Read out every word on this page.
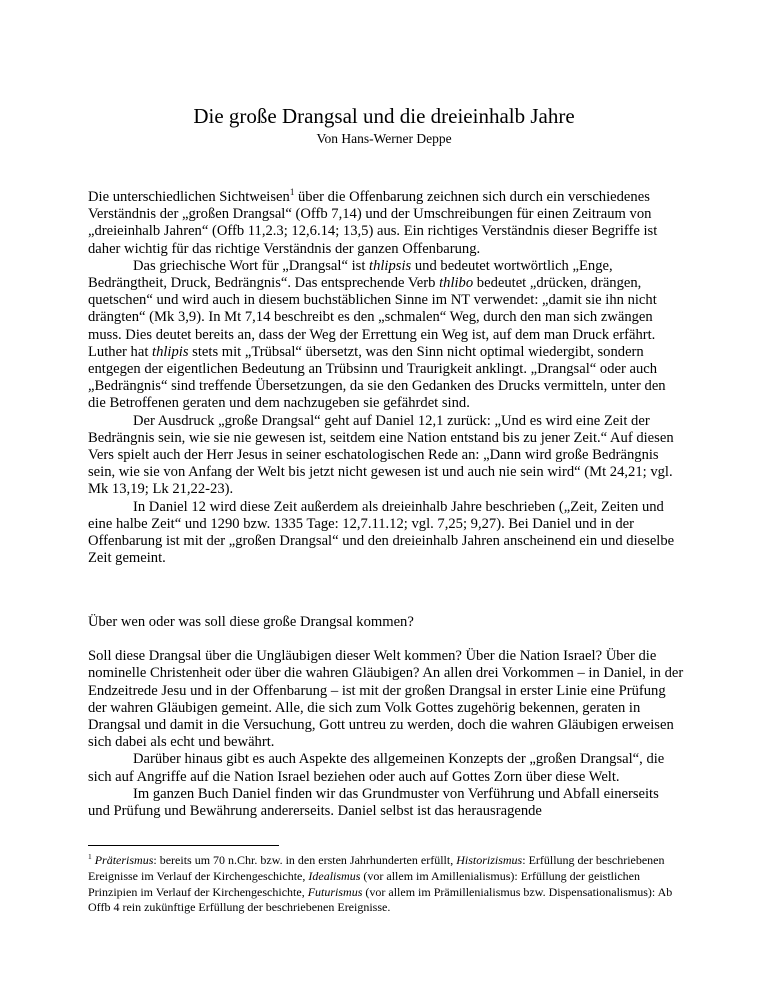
Die große Drangsal und die dreieinhalb Jahre
Von Hans-Werner Deppe

Die unterschiedlichen Sichtweisen$^1$ über die Offenbarung zeichnen sich durch ein verschiedenes Verständnis der „großen Drangsal“ (Offb 7,14) und der Umschreibungen für einen Zeitraum von „dreieinhalb Jahren“ (Offb 11,2.3; 12,6.14; 13,5) aus. Ein richtiges Verständnis dieser Begriffe ist daher wichtig für das richtige Verständnis der ganzen Offenbarung.

Das griechische Wort für „Drangsal“ ist thlipsis und bedeutet wortwörtlich „Enge, Bedrängtheit, Druck, Bedrängnis“. Das entsprechende Verb thlibo bedeutet „drücken, drängen, quetschen“ und wird auch in diesem buchstäblichen Sinne im NT verwendet: „damit sie ihn nicht drängten“ (Mk 3,9). In Mt 7,14 beschreibt es den „schmalen“ Weg, durch den man sich zwängen muss. Dies deutet bereits an, dass der Weg der Errettung ein Weg ist, auf dem man Druck erfährt. Luther hat thlipis stets mit „Trübsal“ übersetzt, was den Sinn nicht optimal wiedergibt, sondern entgegen der eigentlichen Bedeutung an Trübsinn und Traurigkeit anklingt. „Drangsal“ oder auch „Bedrängnis“ sind treffende Übersetzungen, da sie den Gedanken des Drucks vermitteln, unter den die Betroffenen geraten und dem nachzugeben sie gefährdet sind.

Der Ausdruck „große Drangsal“ geht auf Daniel 12,1 zurück: „Und es wird eine Zeit der Bedrängnis sein, wie sie nie gewesen ist, seitdem eine Nation entstand bis zu jener Zeit.“ Auf diesen Vers spielt auch der Herr Jesus in seiner eschatologischen Rede an: „Dann wird große Bedrängnis sein, wie sie von Anfang der Welt bis jetzt nicht gewesen ist und auch nie sein wird“ (Mt 24,21; vgl. Mk 13,19; Lk 21,22-23).

In Daniel 12 wird diese Zeit außerdem als dreieinhalb Jahre beschrieben („Zeit, Zeiten und eine halbe Zeit“ und 1290 bzw. 1335 Tage: 12,7.11.12; vgl. 7,25; 9,27). Bei Daniel und in der Offenbarung ist mit der „großen Drangsal“ und den dreieinhalb Jahren anscheinend ein und dieselbe Zeit gemeint.

Über wen oder was soll diese große Drangsal kommen?

Soll diese Drangsal über die Ungläubigen dieser Welt kommen? Über die Nation Israel? Über die nominelle Christenheit oder über die wahren Gläubigen? An allen drei Vorkommen – in Daniel, in der Endzeitrede Jesu und in der Offenbarung – ist mit der großen Drangsal in erster Linie eine Prüfung der wahren Gläubigen gemeint. Alle, die sich zum Volk Gottes zugehörig bekennen, geraten in Drangsal und damit in die Versuchung, Gott untreu zu werden, doch die wahren Gläubigen erweisen sich dabei als echt und bewährt.

Darüber hinaus gibt es auch Aspekte des allgemeinen Konzepts der „großen Drangsal“, die sich auf Angriffe auf die Nation Israel beziehen oder auch auf Gottes Zorn über diese Welt.

Im ganzen Buch Daniel finden wir das Grundmuster von Verführung und Abfall einerseits und Prüfung und Bewährung andererseits. Daniel selbst ist das herausragende

$^1$ Präterismus: bereits um 70 n.Chr. bzw. in den ersten Jahrhunderten erfüllt, Historizismus: Erfüllung der beschriebenen Ereignisse im Verlauf der Kirchengeschichte, Idealismus (vor allem im Amillenialismus): Erfüllung der geistlichen Prinzipien im Verlauf der Kirchengeschichte, Futurismus (vor allem im Prämillenialismus bzw. Dispensationalismus): Ab Offb 4 rein zukünftige Erfüllung der beschriebenen Ereignisse.
